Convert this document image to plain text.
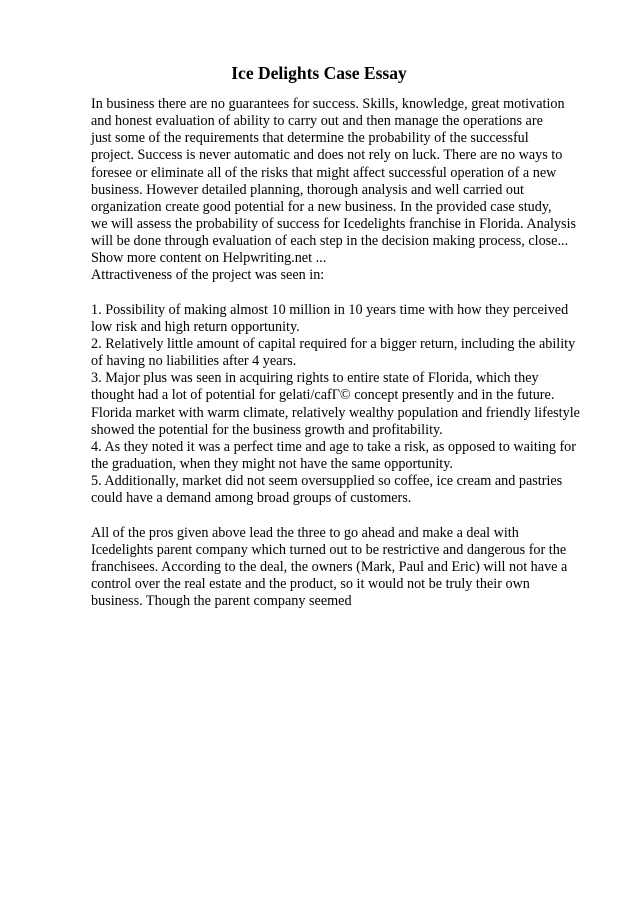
Ice Delights Case Essay
In business there are no guarantees for success. Skills, knowledge, great motivation
and honest evaluation of ability to carry out and then manage the operations are
just some of the requirements that determine the probability of the successful
project. Success is never automatic and does not rely on luck. There are no ways to
foresee or eliminate all of the risks that might affect successful operation of a new
business. However detailed planning, thorough analysis and well carried out
organization create good potential for a new business. In the provided case study,
we will assess the probability of success for Icedelights franchise in Florida. Analysis
will be done through evaluation of each step in the decision making process, close...
Show more content on Helpwriting.net ...
Attractiveness of the project was seen in:
1. Possibility of making almost 10 million in 10 years time with how they perceived
low risk and high return opportunity.
2. Relatively little amount of capital required for a bigger return, including the ability
of having no liabilities after 4 years.
3. Major plus was seen in acquiring rights to entire state of Florida, which they
thought had a lot of potential for gelati/cafГ© concept presently and in the future.
Florida market with warm climate, relatively wealthy population and friendly lifestyle
showed the potential for the business growth and profitability.
4. As they noted it was a perfect time and age to take a risk, as opposed to waiting for
the graduation, when they might not have the same opportunity.
5. Additionally, market did not seem oversupplied so coffee, ice cream and pastries
could have a demand among broad groups of customers.
All of the pros given above lead the three to go ahead and make a deal with
Icedelights parent company which turned out to be restrictive and dangerous for the
franchisees. According to the deal, the owners (Mark, Paul and Eric) will not have a
control over the real estate and the product, so it would not be truly their own
business. Though the parent company seemed
